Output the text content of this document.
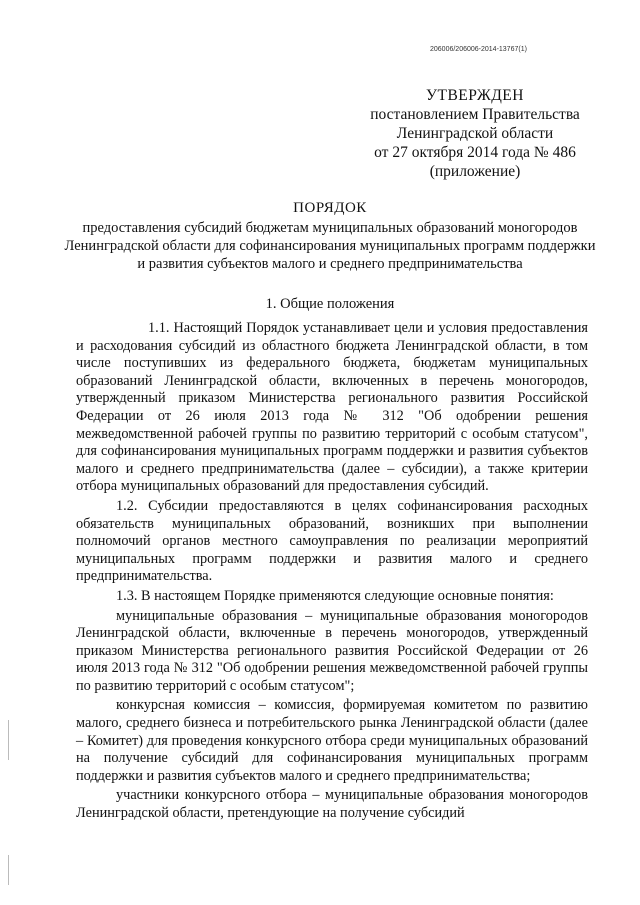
206006/206006-2014-13767(1)
УТВЕРЖДЕН
постановлением Правительства
Ленинградской области
от 27 октября 2014 года № 486
(приложение)
ПОРЯДОК
предоставления субсидий бюджетам муниципальных образований моногородов Ленинградской области для софинансирования муниципальных программ поддержки и развития субъектов малого и среднего предпринимательства
1. Общие положения

1.1. Настоящий Порядок устанавливает цели и условия предоставления и расходования субсидий из областного бюджета Ленинградской области, в том числе поступивших из федерального бюджета, бюджетам муниципальных образований Ленинградской области, включенных в перечень моногородов, утвержденный приказом Министерства регионального развития Российской Федерации от 26 июля 2013 года № 312 "Об одобрении решения межведомственной рабочей группы по развитию территорий с особым статусом", для софинансирования муниципальных программ поддержки и развития субъектов малого и среднего предпринимательства (далее – субсидии), а также критерии отбора муниципальных образований для предоставления субсидий.

1.2. Субсидии предоставляются в целях софинансирования расходных обязательств муниципальных образований, возникших при выполнении полномочий органов местного самоуправления по реализации мероприятий муниципальных программ поддержки и развития малого и среднего предпринимательства.

1.3. В настоящем Порядке применяются следующие основные понятия:

муниципальные образования – муниципальные образования моногородов Ленинградской области, включенные в перечень моногородов, утвержденный приказом Министерства регионального развития Российской Федерации от 26 июля 2013 года № 312 "Об одобрении решения межведомственной рабочей группы по развитию территорий с особым статусом";

конкурсная комиссия – комиссия, формируемая комитетом по развитию малого, среднего бизнеса и потребительского рынка Ленинградской области (далее – Комитет) для проведения конкурсного отбора среди муниципальных образований на получение субсидий для софинансирования муниципальных программ поддержки и развития субъектов малого и среднего предпринимательства;

участники конкурсного отбора – муниципальные образования моногородов Ленинградской области, претендующие на получение субсидий
